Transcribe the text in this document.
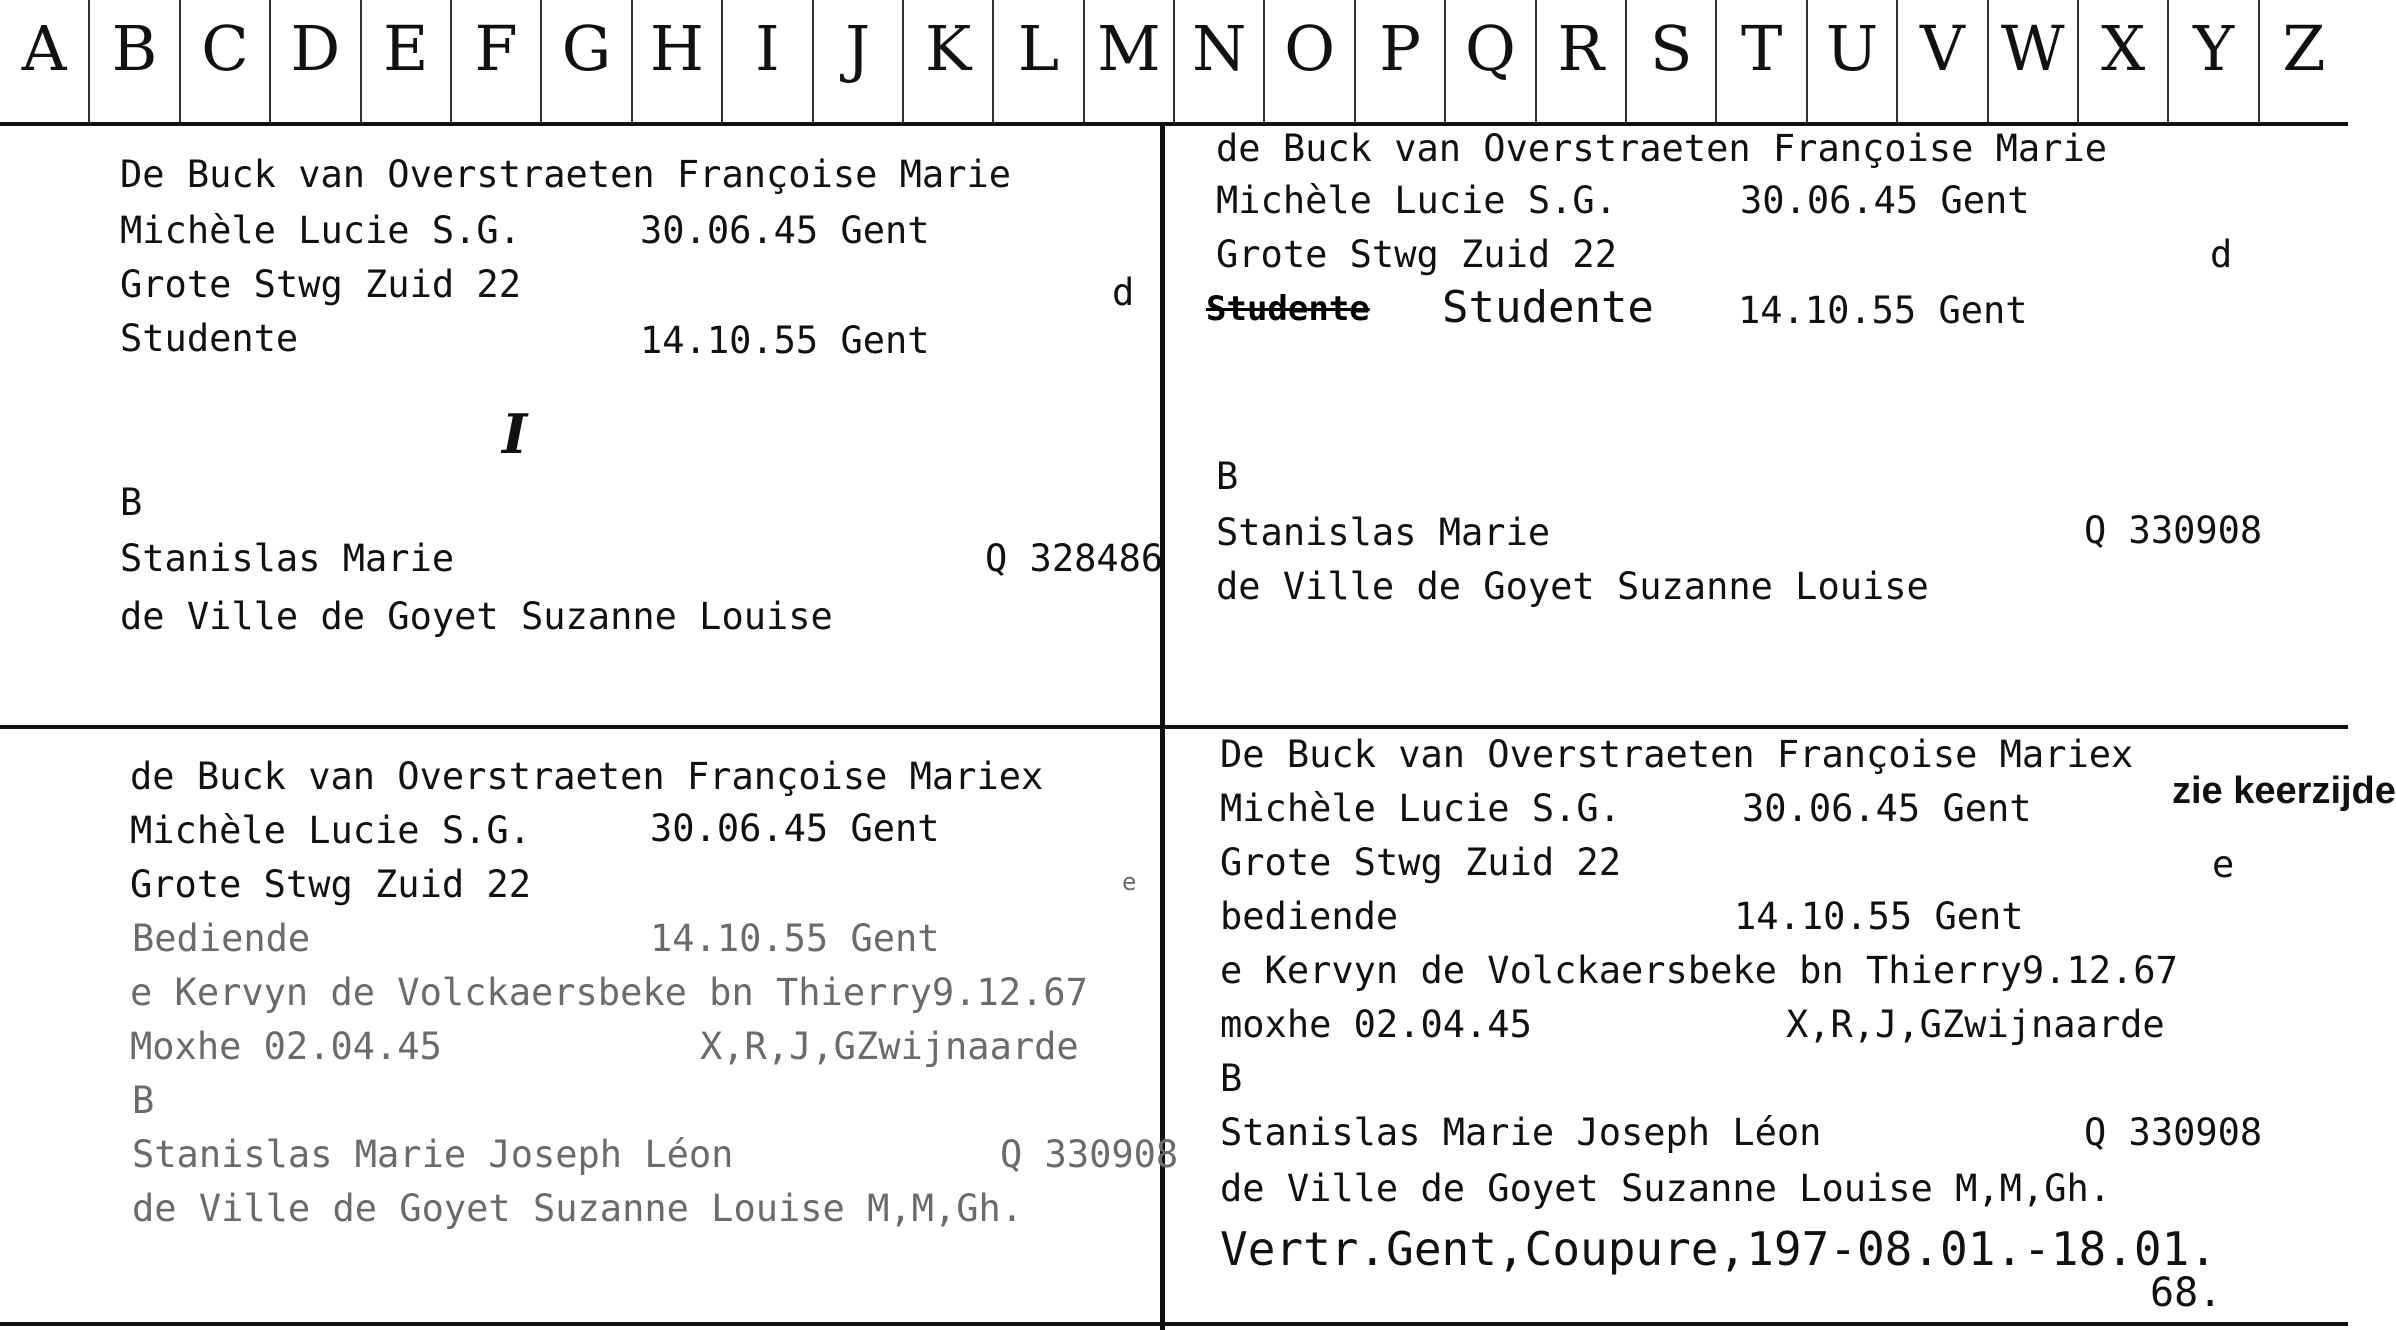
A B C D E F G H I	J K L M N O P Q R S T U V W X Y Z
De Buck van Overstraeten Françoise Marie
Michèle Lucie S.G.	30.06.45 Gent
Grote Stwg Zuid 22	d
Studente	14.10.55 Gent
I
B
Stanislas Marie	Q 328486
de Ville de Goyet Suzanne Louise
de Buck van Overstraeten Françoise Marie
Michèle Lucie S.G.	30.06.45 Gent
Grote Stwg Zuid 22	d
Studente Studente 14.10.55 Gent
B
Stanislas Marie	Q 330908
de Ville de Goyet Suzanne Louise
de Buck van Overstraeten Françoise Mariex
Michèle Lucie S.G.	30.06.45 Gent
Grote Stwg Zuid 22	e
Bediende	14.10.55 Gent
e Kervyn de Volckaersbeke bn Thierry9.12.67
Moxhe 02.04.45	X,R,J,GZwijnaarde
B
Stanislas Marie Joseph Léon	Q 330908
de Ville de Goyet Suzanne Louise M,M,Gh.
De Buck van Overstraeten Françoise Mariex
zie keerzijde
Michèle Lucie S.G.	30.06.45 Gent
Grote Stwg Zuid 22	e
bediende	14.10.55 Gent
e Kervyn de Volckaersbeke bn Thierry9.12.67
moxhe 02.04.45	X,R,J,GZwijnaarde
B
Stanislas Marie Joseph Léon	Q 330908
de Ville de Goyet Suzanne Louise M,M,Gh.
Vertr.Gent,Coupure,197-08.01.-18.01.
68.
